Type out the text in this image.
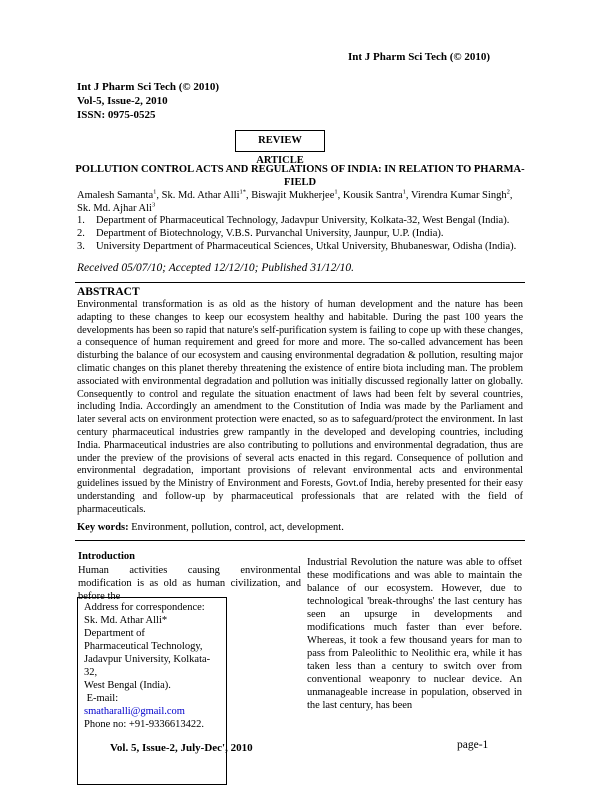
Int J Pharm Sci Tech (© 2010)
Int J Pharm Sci Tech (© 2010)
Vol-5, Issue-2, 2010
ISSN: 0975-0525
REVIEW ARTICLE
POLLUTION CONTROL ACTS AND REGULATIONS OF INDIA: IN RELATION TO PHARMA-FIELD
Amalesh Samanta$^1$, Sk. Md. Athar Alli$^{1*}$, Biswajit Mukherjee$^1$, Kousik Santra$^1$, Virendra Kumar Singh$^2$, Sk. Md. Ajhar Ali$^3$
1. Department of Pharmaceutical Technology, Jadavpur University, Kolkata-32, West Bengal (India).
2. Department of Biotechnology, V.B.S. Purvanchal University, Jaunpur, U.P. (India).
3. University Department of Pharmaceutical Sciences, Utkal University, Bhubaneswar, Odisha (India).
Received 05/07/10; Accepted 12/12/10; Published 31/12/10.
ABSTRACT
Environmental transformation is as old as the history of human development and the nature has been adapting to these changes to keep our ecosystem healthy and habitable. During the past 100 years the developments has been so rapid that nature's self-purification system is failing to cope up with these changes, a consequence of human requirement and greed for more and more. The so-called advancement has been disturbing the balance of our ecosystem and causing environmental degradation & pollution, resulting major climatic changes on this planet thereby threatening the existence of entire biota including man. The problem associated with environmental degradation and pollution was initially discussed regionally latter on globally. Consequently to control and regulate the situation enactment of laws had been felt by several countries, including India. Accordingly an amendment to the Constitution of India was made by the Parliament and later several acts on environment protection were enacted, so as to safeguard/protect the environment. In last century pharmaceutical industries grew rampantly in the developed and developing countries, including India. Pharmaceutical industries are also contributing to pollutions and environmental degradation, thus are under the preview of the provisions of several acts enacted in this regard. Consequence of pollution and environmental degradation, important provisions of relevant environmental acts and environmental guidelines issued by the Ministry of Environment and Forests, Govt.of India, hereby presented for their easy understanding and follow-up by pharmaceutical professionals that are related with the field of pharmaceuticals.
Key words: Environment, pollution, control, act, development.
Introduction
Human activities causing environmental modification is as old as human civilization, and before the
Address for correspondence:
Sk. Md. Athar Alli*
Department of
Pharmaceutical Technology,
Jadavpur University, Kolkata-32,
West Bengal (India).
E-mail: smatharalli@gmail.com
Phone no: +91-9336613422.
Industrial Revolution the nature was able to offset these modifications and was able to maintain the balance of our ecosystem. However, due to technological 'break-throughs' the last century has seen an upsurge in developments and modifications much faster than ever before. Whereas, it took a few thousand years for man to pass from Paleolithic to Neolithic era, while it has taken less than a century to switch over from conventional weaponry to nuclear device. An unmanageable increase in population, observed in the last century, has been
Vol. 5, Issue-2, July-Dec', 2010	page-1
